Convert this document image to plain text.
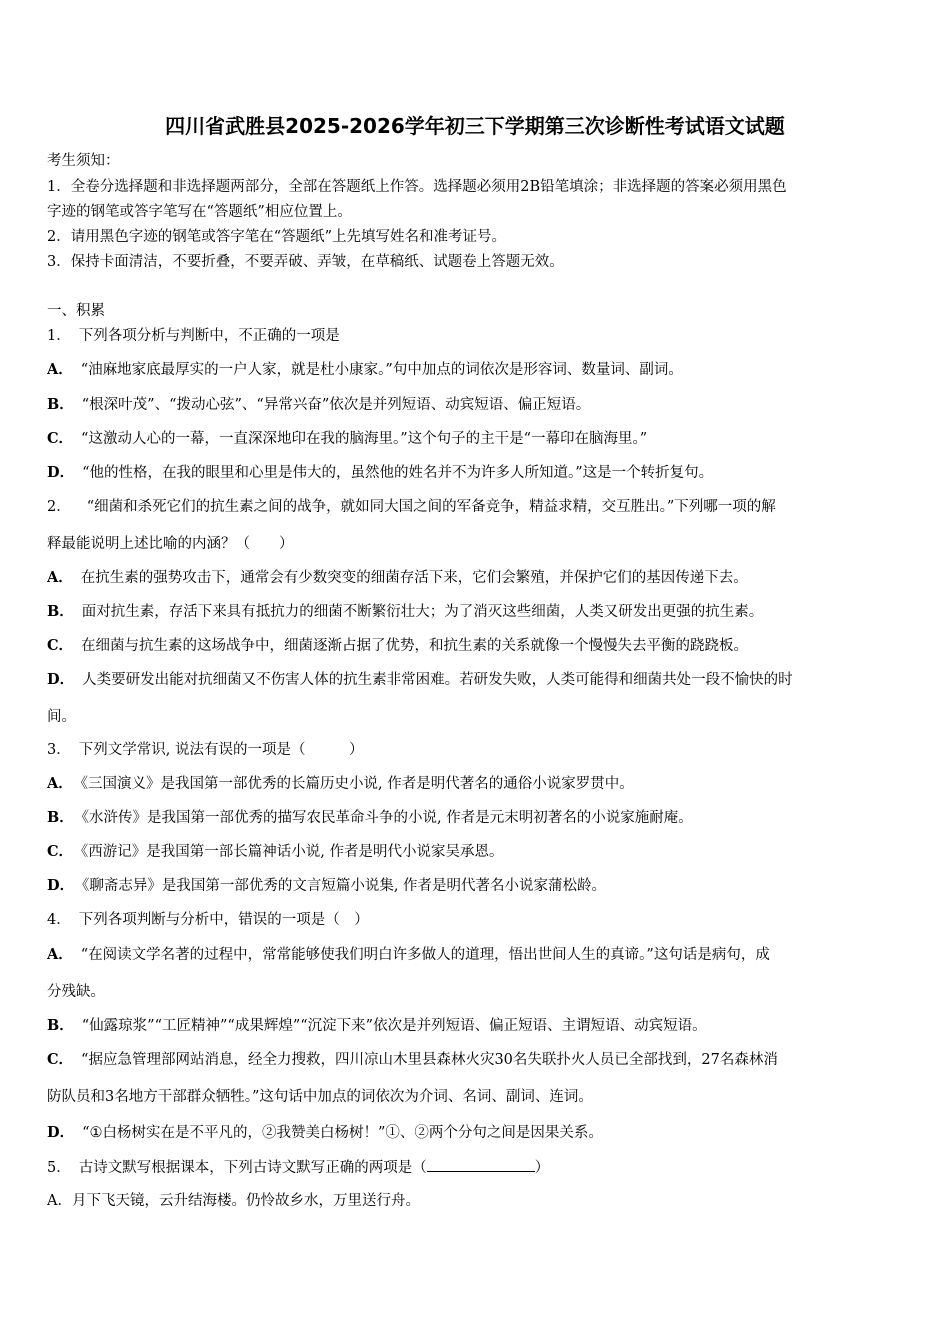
四川省武胜县2025-2026学年初三下学期第三次诊断性考试语文试题
考生须知：
1．全卷分选择题和非选择题两部分，全部在答题纸上作答。选择题必须用2B铅笔填涂；非选择题的答案必须用黑色
字迹的钢笔或答字笔写在“答题纸”相应位置上。
2．请用黑色字迹的钢笔或答字笔在“答题纸”上先填写姓名和准考证号。
3．保持卡面清洁，不要折叠，不要弄破、弄皱，在草稿纸、试题卷上答题无效。
一、积累
1． 下列各项分析与判断中，不正确的一项是
A． “油麻地家底最厚实的一户人家，就是杜小康家。”句中加点的词依次是形容词、数量词、副词。
B． “根深叶茂”、“拨动心弦”、“异常兴奋”依次是并列短语、动宾短语、偏正短语。
C． “这激动人心的一幕，一直深深地印在我的脑海里。”这个句子的主干是“一幕印在脑海里。”
D． “他的性格，在我的眼里和心里是伟大的，虽然他的姓名并不为许多人所知道。”这是一个转折复句。
2． “细菌和杀死它们的抗生素之间的战争，就如同大国之间的军备竞争，精益求精，交互胜出。”下列哪一项的解
释最能说明上述比喻的内涵？（　　）
A． 在抗生素的强势攻击下，通常会有少数突变的细菌存活下来，它们会繁殖，并保护它们的基因传递下去。
B． 面对抗生素，存活下来具有抵抗力的细菌不断繁衍壮大；为了消灭这些细菌，人类又研发出更强的抗生素。
C． 在细菌与抗生素的这场战争中，细菌逐渐占据了优势，和抗生素的关系就像一个慢慢失去平衡的跷跷板。
D． 人类要研发出能对抗细菌又不伤害人体的抗生素非常困难。若研发失败，人类可能得和细菌共处一段不愉快的时
间。
3． 下列文学常识, 说法有误的一项是（　　　）
A． 《三国演义》是我国第一部优秀的长篇历史小说, 作者是明代著名的通俗小说家罗贯中。
B． 《水浒传》是我国第一部优秀的描写农民革命斗争的小说, 作者是元末明初著名的小说家施耐庵。
C． 《西游记》是我国第一部长篇神话小说, 作者是明代小说家吴承恩。
D． 《聊斋志异》是我国第一部优秀的文言短篇小说集, 作者是明代著名小说家蒲松龄。
4． 下列各项判断与分析中，错误的一项是（　）
A． “在阅读文学名著的过程中，常常能够使我们明白许多做人的道理，悟出世间人生的真谛。”这句话是病句，成
分残缺。
B． “仙露琼浆”“工匠精神”“成果辉煌”“沉淀下来”依次是并列短语、偏正短语、主谓短语、动宾短语。
C． “据应急管理部网站消息，经全力搜救，四川凉山木里县森林火灾30名失联扑火人员已全部找到，27名森林消
防队员和3名地方干部群众牺牲。”这句话中加点的词依次为介词、名词、副词、连词。
D． “①白杨树实在是不平凡的，②我赞美白杨树！”①、②两个分句之间是因果关系。
5． 古诗文默写根据课本，下列古诗文默写正确的两项是（	）
A．月下飞天镜，云升结海楼。仍怜故乡水，万里送行舟。
